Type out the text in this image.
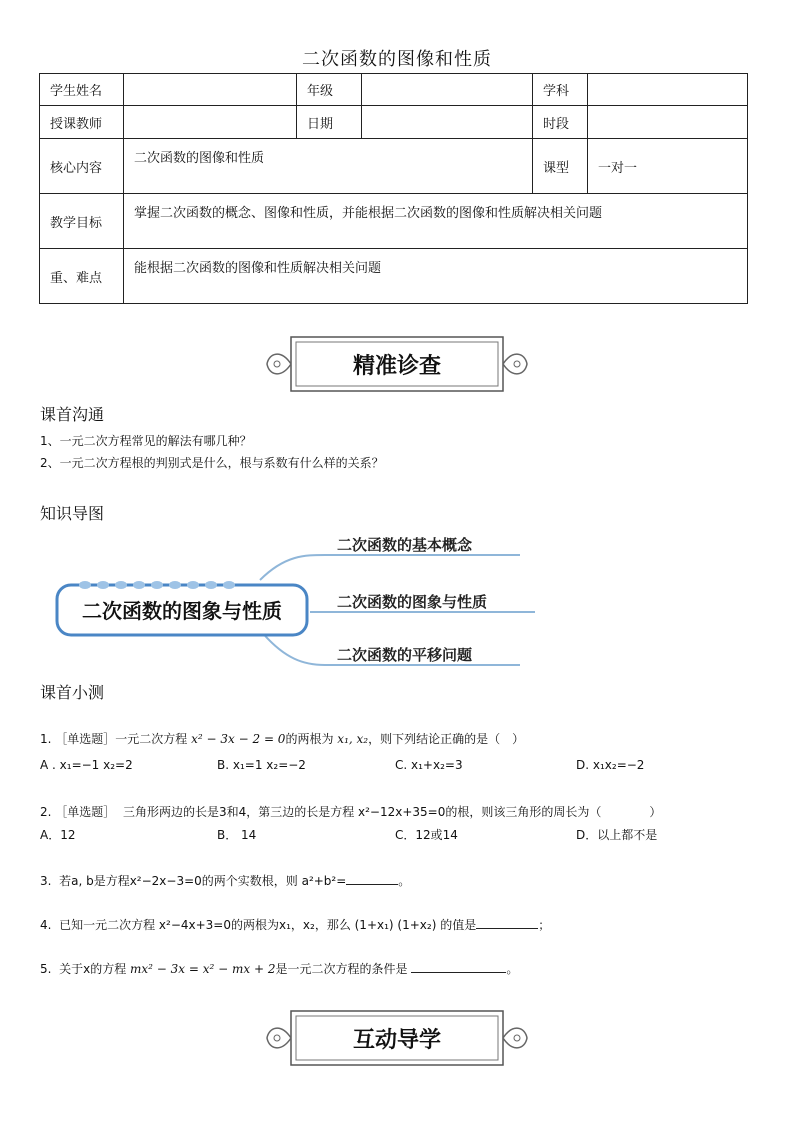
二次函数的图像和性质
学生姓名		年级		学科	
授课教师		日期		时段	
核心内容	二次函数的图像和性质			课型	一对一
教学目标	掌握二次函数的概念、图像和性质，并能根据二次函数的图像和性质解决相关问题				
重、难点	能根据二次函数的图像和性质解决相关问题				
精准诊查
课首沟通
1、一元二次方程常见的解法有哪几种？
2、一元二次方程根的判别式是什么，根与系数有什么样的关系？
知识导图
二次函数的图象与性质
二次函数的基本概念
二次函数的图象与性质
二次函数的平移问题
课首小测
1. ［单选题］一元二次方程 x² − 3x − 2 = 0的两根为 x₁, x₂，则下列结论正确的是（　）
A . x₁=−1 x₂=2	B. x₁=1 x₂=−2	C. x₁+x₂=3	D. x₁x₂=−2
2. ［单选题］ 三角形两边的长是3和4，第三边的长是方程 x²−12x+35=0的根，则该三角形的周长为（　　　　）
A．12	B． 14	C．12或14	D．以上都不是
3. 若a, b是方程x²−2x−3=0的两个实数根，则 a²+b²=	。
4. 已知一元二次方程 x²−4x+3=0的两根为x₁，x₂，那么 (1+x₁) (1+x₂) 的值是	；
5. 关于x的方程 mx² − 3x = x² − mx + 2是一元二次方程的条件是	。
互动导学
